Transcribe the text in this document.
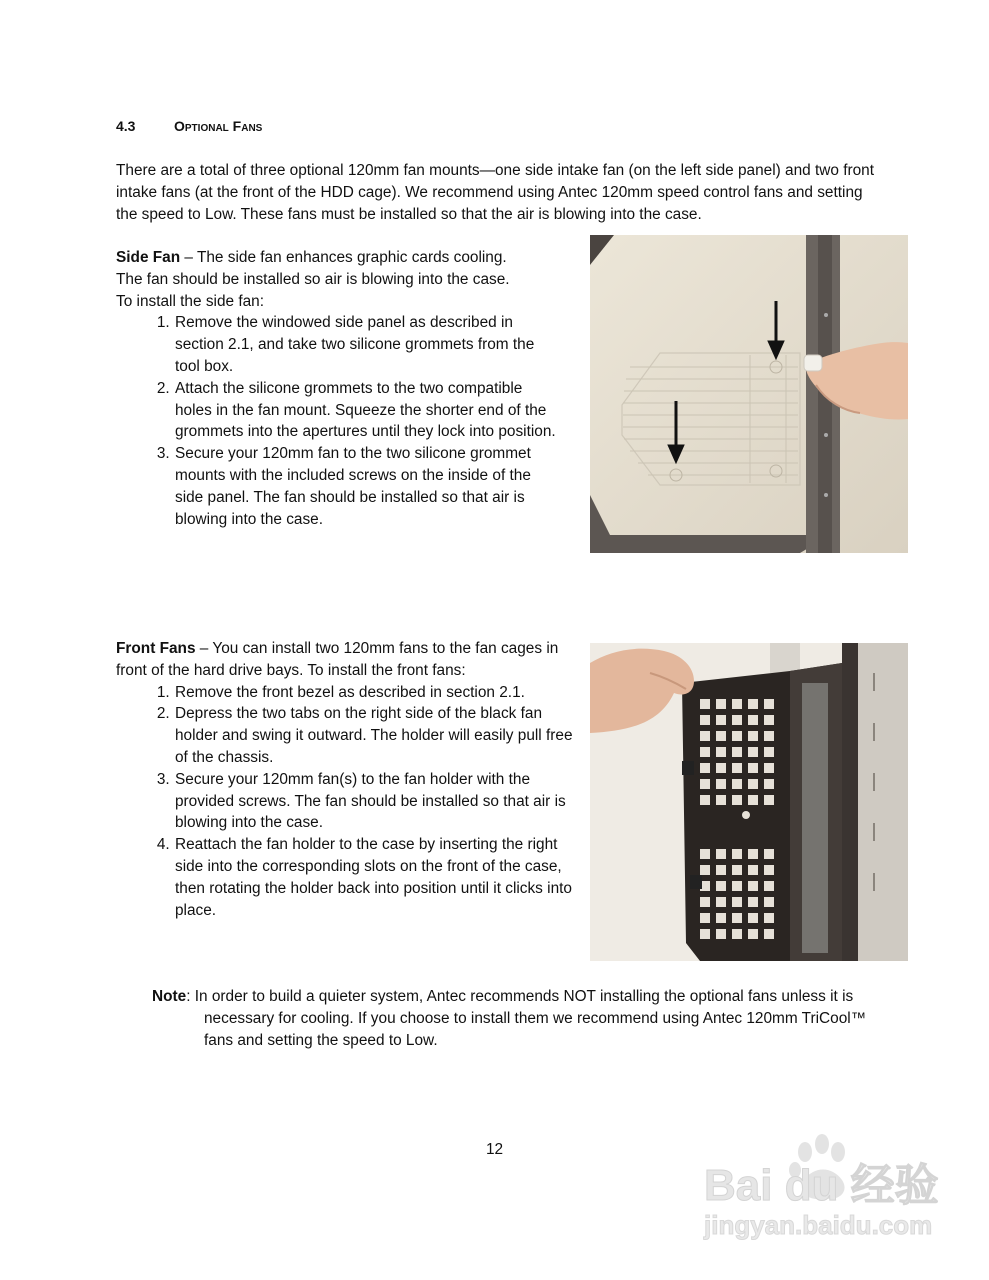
4.3	Optional Fans

There are a total of three optional 120mm fan mounts—one side intake fan (on the left side panel) and two front intake fans (at the front of the HDD cage). We recommend using Antec 120mm speed control fans and setting the speed to Low. These fans must be installed so that the air is blowing into the case.

Side Fan – The side fan enhances graphic cards cooling.
The fan should be installed so air is blowing into the case.
To install the side fan:

1. Remove the windowed side panel as described in section 2.1, and take two silicone grommets from the tool box.
2. Attach the silicone grommets to the two compatible holes in the fan mount. Squeeze the shorter end of the grommets into the apertures until they lock into position.
3. Secure your 120mm fan to the two silicone grommet mounts with the included screws on the inside of the side panel. The fan should be installed so that air is blowing into the case.

Front Fans – You can install two 120mm fans to the fan cages in front of the hard drive bays. To install the front fans:

1. Remove the front bezel as described in section 2.1.
2. Depress the two tabs on the right side of the black fan holder and swing it outward. The holder will easily pull free of the chassis.
3. Secure your 120mm fan(s) to the fan holder with the provided screws. The fan should be installed so that air is blowing into the case.
4. Reattach the fan holder to the case by inserting the right side into the corresponding slots on the front of the case, then rotating the holder back into position until it clicks into place.

Note: In order to build a quieter system, Antec recommends NOT installing the optional fans unless it is necessary for cooling. If you choose to install them we recommend using Antec 120mm TriCool™ fans and setting the speed to Low.

12
Bai du 经验
jingyan.baidu.com
